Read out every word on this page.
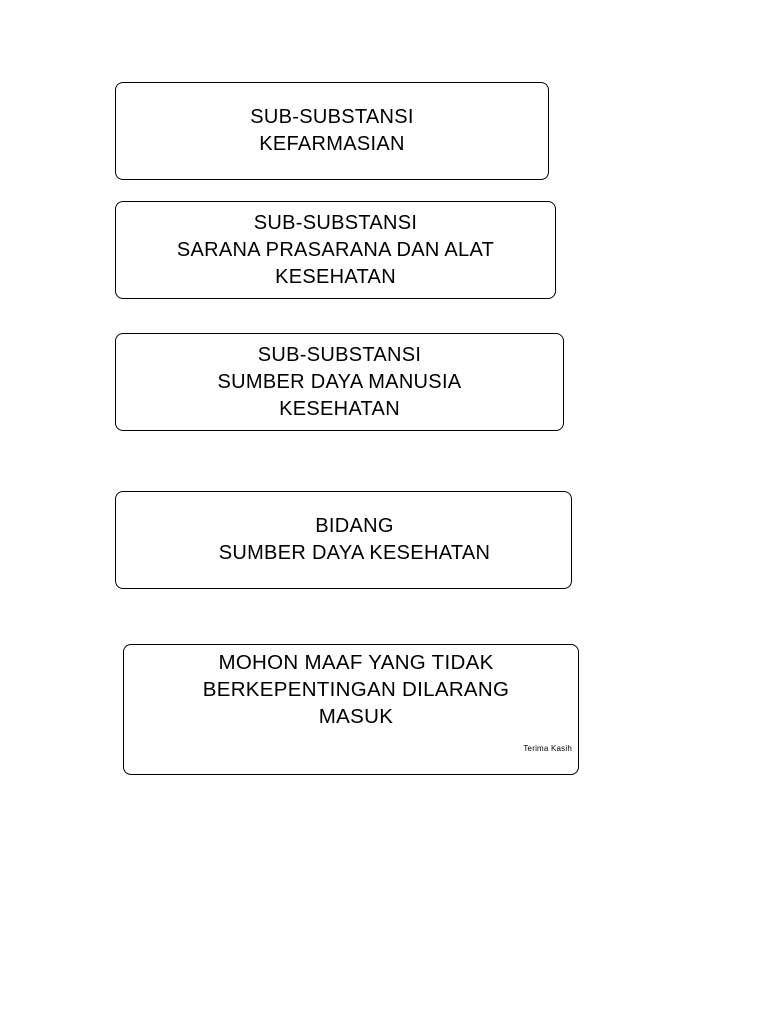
SUB-SUBSTANSI
KEFARMASIAN
SUB-SUBSTANSI
SARANA PRASARANA DAN ALAT
KESEHATAN
SUB-SUBSTANSI
SUMBER DAYA MANUSIA
KESEHATAN
BIDANG
SUMBER DAYA KESEHATAN
MOHON MAAF YANG TIDAK
BERKEPENTINGAN DILARANG
MASUK
Terima Kasih
